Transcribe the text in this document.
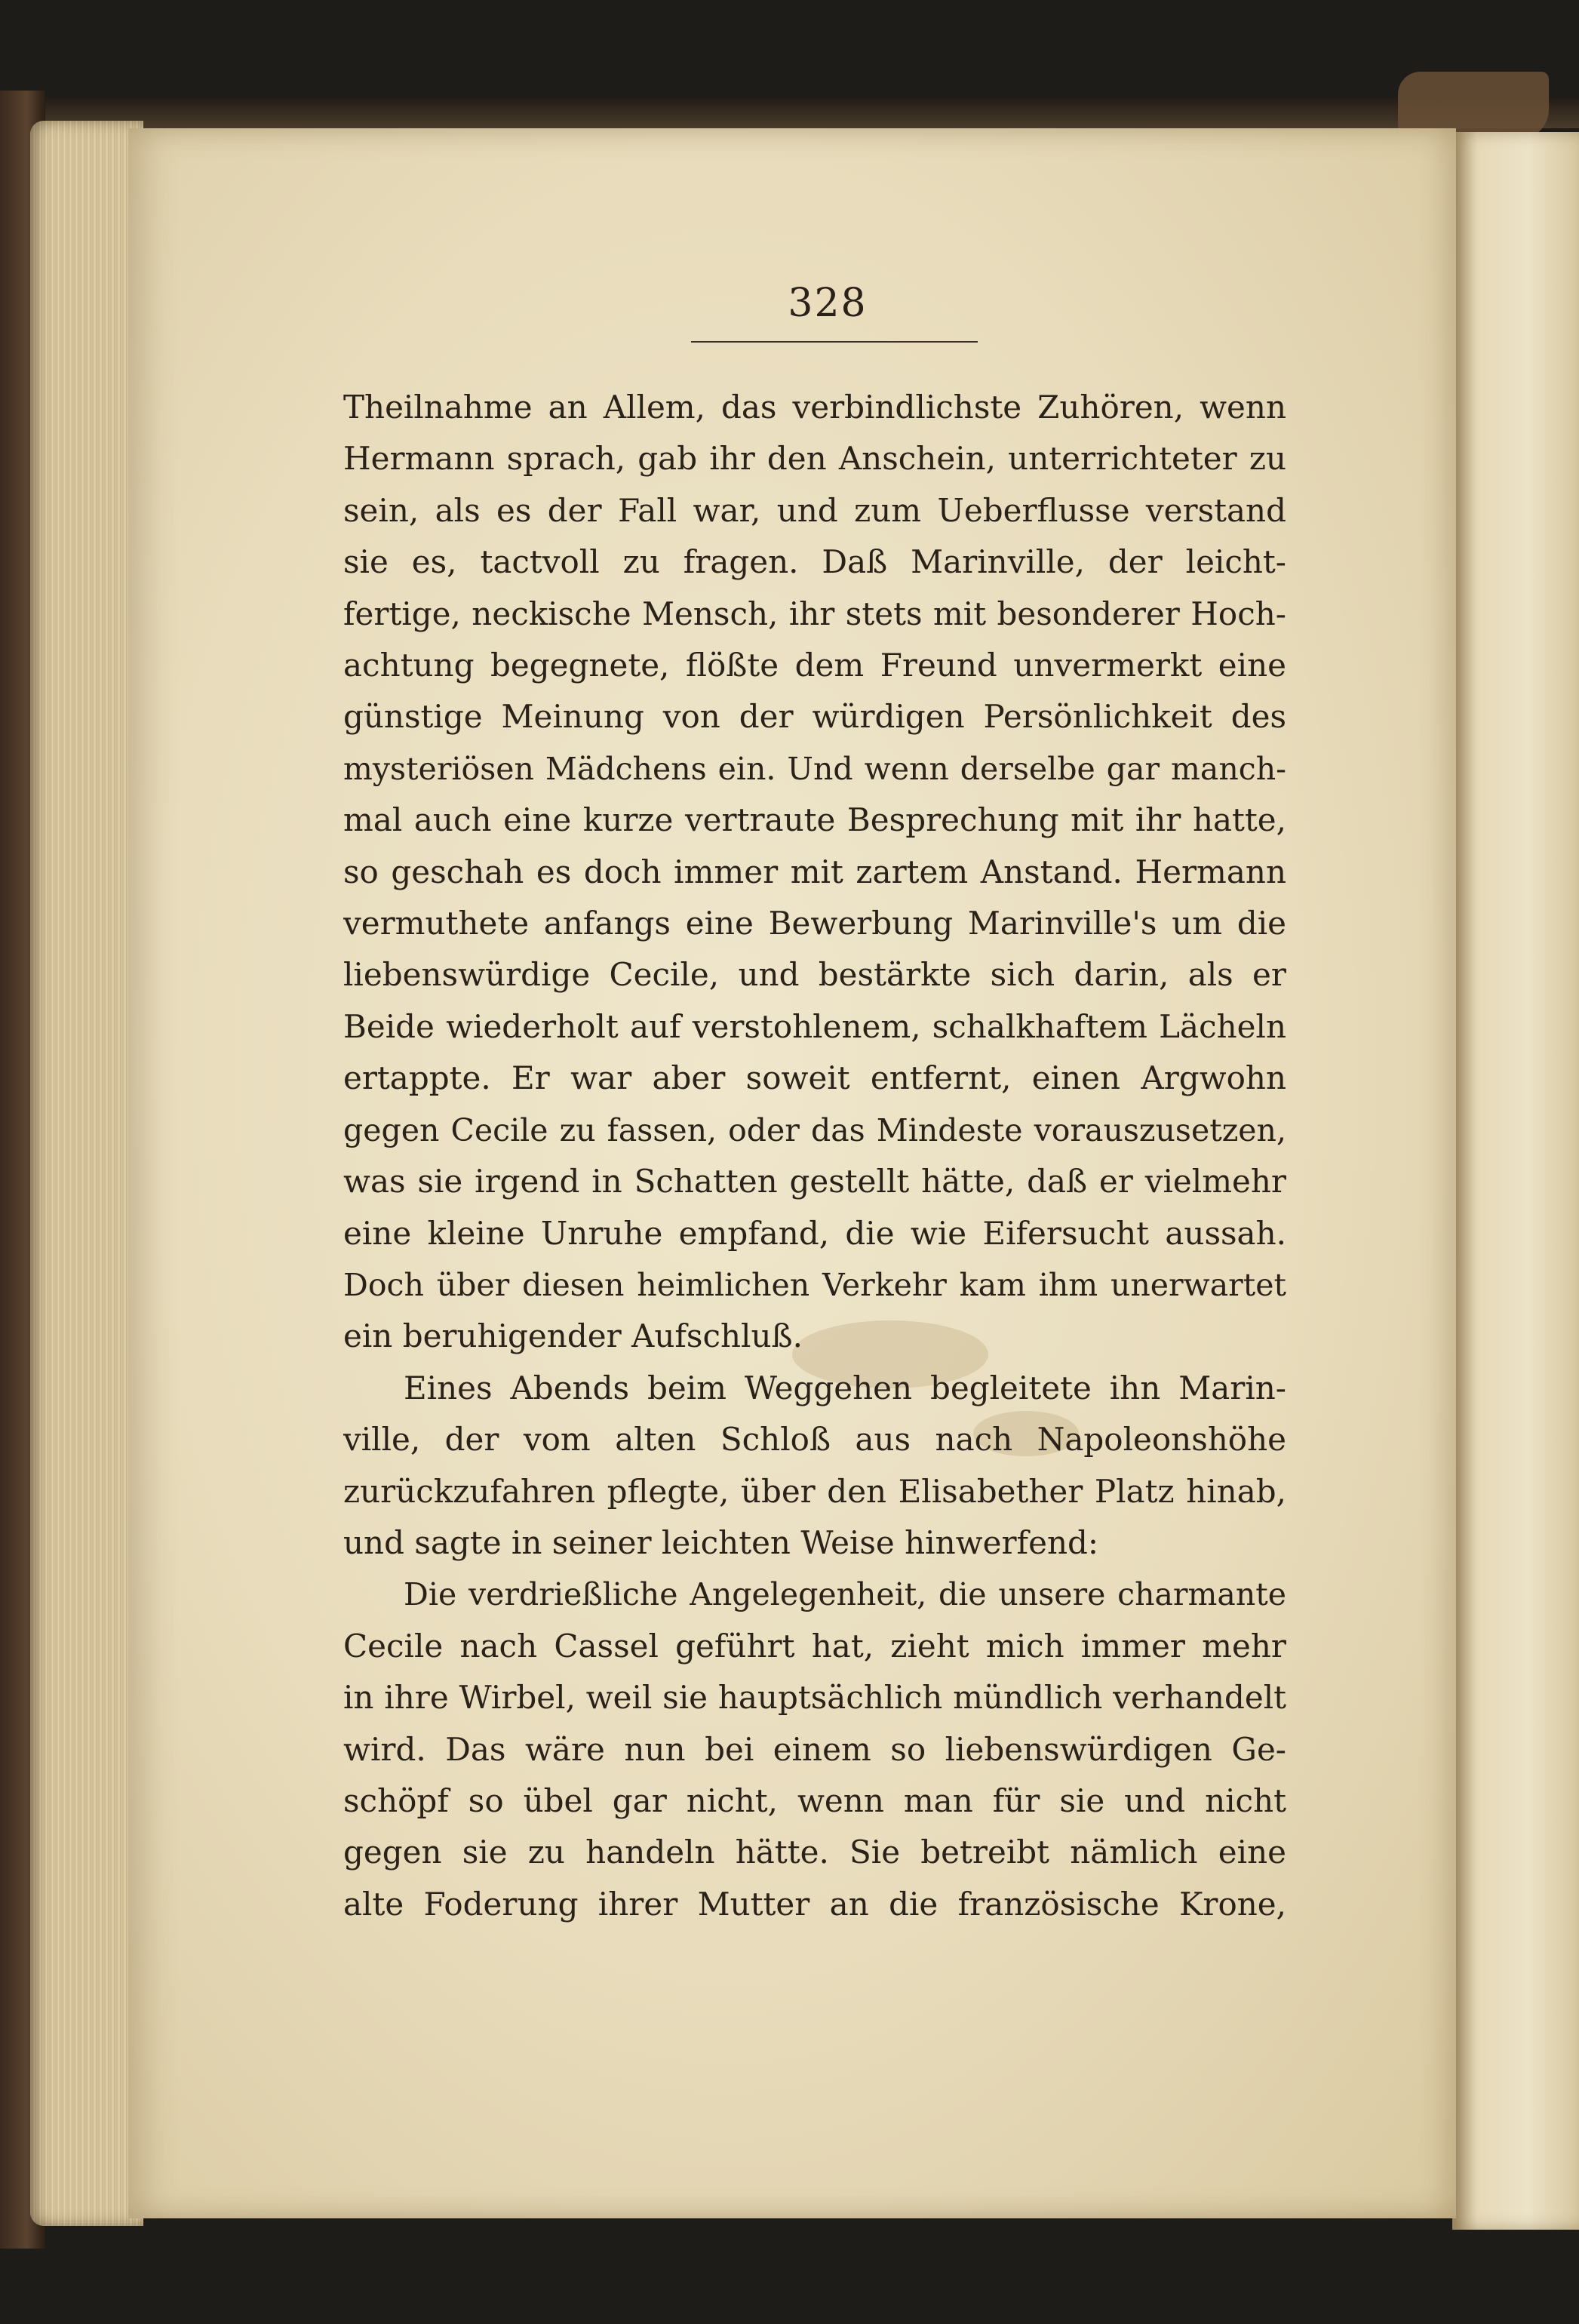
328
Theilnahme an Allem, das verbindlichste Zuhören, wenn
Hermann sprach, gab ihr den Anschein, unterrichteter zu
sein, als es der Fall war, und zum Ueberflusse verstand
sie es, tactvoll zu fragen. Daß Marinville, der leicht-
fertige, neckische Mensch, ihr stets mit besonderer Hoch-
achtung begegnete, flößte dem Freund unvermerkt eine
günstige Meinung von der würdigen Persönlichkeit des
mysteriösen Mädchens ein. Und wenn derselbe gar manch-
mal auch eine kurze vertraute Besprechung mit ihr hatte,
so geschah es doch immer mit zartem Anstand. Hermann
vermuthete anfangs eine Bewerbung Marinville's um die
liebenswürdige Cecile, und bestärkte sich darin, als er
Beide wiederholt auf verstohlenem, schalkhaftem Lächeln
ertappte. Er war aber soweit entfernt, einen Argwohn
gegen Cecile zu fassen, oder das Mindeste vorauszusetzen,
was sie irgend in Schatten gestellt hätte, daß er vielmehr
eine kleine Unruhe empfand, die wie Eifersucht aussah.
Doch über diesen heimlichen Verkehr kam ihm unerwartet
ein beruhigender Aufschluß.
Eines Abends beim Weggehen begleitete ihn Marin-
ville, der vom alten Schloß aus nach Napoleonshöhe
zurückzufahren pflegte, über den Elisabether Platz hinab,
und sagte in seiner leichten Weise hinwerfend:
Die verdrießliche Angelegenheit, die unsere charmante
Cecile nach Cassel geführt hat, zieht mich immer mehr
in ihre Wirbel, weil sie hauptsächlich mündlich verhandelt
wird. Das wäre nun bei einem so liebenswürdigen Ge-
schöpf so übel gar nicht, wenn man für sie und nicht
gegen sie zu handeln hätte. Sie betreibt nämlich eine
alte Foderung ihrer Mutter an die französische Krone,
